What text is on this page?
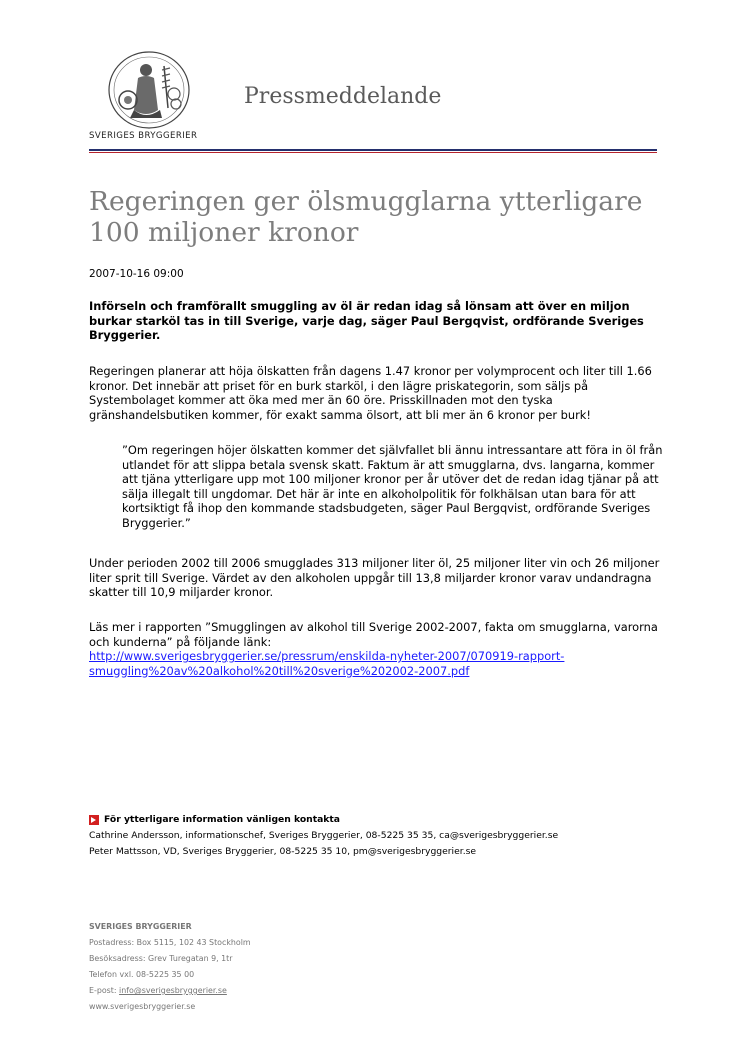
SVERIGES BRYGGERIER
Pressmeddelande
Regeringen ger ölsmugglarna ytterligare 100 miljoner kronor
2007-10-16 09:00
Införseln och framförallt smuggling av öl är redan idag så lönsam att över en miljon burkar starköl tas in till Sverige, varje dag, säger Paul Bergqvist, ordförande Sveriges Bryggerier.
Regeringen planerar att höja ölskatten från dagens 1.47 kronor per volymprocent och liter till 1.66 kronor. Det innebär att priset för en burk starköl, i den lägre priskategorin, som säljs på Systembolaget kommer att öka med mer än 60 öre. Prisskillnaden mot den tyska gränshandelsbutiken kommer, för exakt samma ölsort, att bli mer än 6 kronor per burk!
”Om regeringen höjer ölskatten kommer det självfallet bli ännu intressantare att föra in öl från utlandet för att slippa betala svensk skatt. Faktum är att smugglarna, dvs. langarna, kommer att tjäna ytterligare upp mot 100 miljoner kronor per år utöver det de redan idag tjänar på att sälja illegalt till ungdomar. Det här är inte en alkoholpolitik för folkhälsan utan bara för att kortsiktigt få ihop den kommande stadsbudgeten, säger Paul Bergqvist, ordförande Sveriges Bryggerier.”
Under perioden 2002 till 2006 smugglades 313 miljoner liter öl, 25 miljoner liter vin och 26 miljoner liter sprit till Sverige. Värdet av den alkoholen uppgår till 13,8 miljarder kronor varav undandragna skatter till 10,9 miljarder kronor.
Läs mer i rapporten ”Smugglingen av alkohol till Sverige 2002-2007, fakta om smugglarna, varorna och kunderna” på följande länk:
http://www.sverigesbryggerier.se/pressrum/enskilda-nyheter-2007/070919-rapport-smuggling%20av%20alkohol%20till%20sverige%202002-2007.pdf
För ytterligare information vänligen kontakta
Cathrine Andersson, informationschef, Sveriges Bryggerier, 08-5225 35 35, ca@sverigesbryggerier.se
Peter Mattsson, VD, Sveriges Bryggerier, 08-5225 35 10, pm@sverigesbryggerier.se
SVERIGES BRYGGERIER
Postadress: Box 5115, 102 43 Stockholm
Besöksadress: Grev Turegatan 9, 1tr
Telefon vxl. 08-5225 35 00
E-post: info@sverigesbryggerier.se
www.sverigesbryggerier.se
